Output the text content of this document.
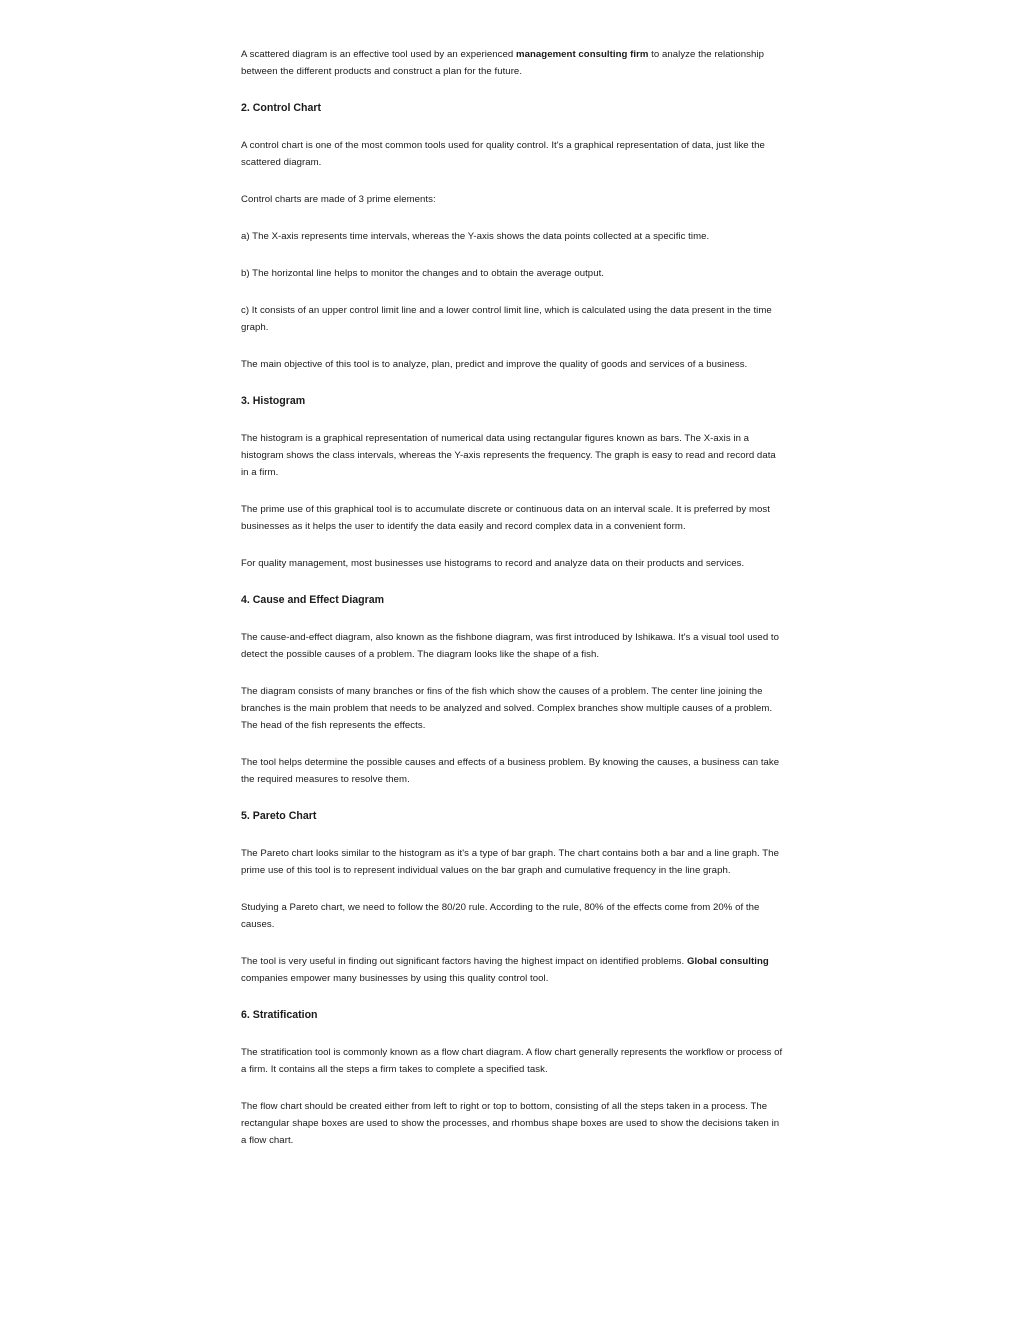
A scattered diagram is an effective tool used by an experienced management consulting firm to analyze the relationship between the different products and construct a plan for the future.

2. Control Chart

A control chart is one of the most common tools used for quality control. It's a graphical representation of data, just like the scattered diagram.

Control charts are made of 3 prime elements:

a) The X-axis represents time intervals, whereas the Y-axis shows the data points collected at a specific time.

b) The horizontal line helps to monitor the changes and to obtain the average output.

c) It consists of an upper control limit line and a lower control limit line, which is calculated using the data present in the time graph.

The main objective of this tool is to analyze, plan, predict and improve the quality of goods and services of a business.

3. Histogram

The histogram is a graphical representation of numerical data using rectangular figures known as bars. The X-axis in a histogram shows the class intervals, whereas the Y-axis represents the frequency. The graph is easy to read and record data in a firm.

The prime use of this graphical tool is to accumulate discrete or continuous data on an interval scale. It is preferred by most businesses as it helps the user to identify the data easily and record complex data in a convenient form.

For quality management, most businesses use histograms to record and analyze data on their products and services.

4. Cause and Effect Diagram

The cause-and-effect diagram, also known as the fishbone diagram, was first introduced by Ishikawa. It's a visual tool used to detect the possible causes of a problem. The diagram looks like the shape of a fish.

The diagram consists of many branches or fins of the fish which show the causes of a problem. The center line joining the branches is the main problem that needs to be analyzed and solved. Complex branches show multiple causes of a problem. The head of the fish represents the effects.

The tool helps determine the possible causes and effects of a business problem. By knowing the causes, a business can take the required measures to resolve them.

5. Pareto Chart

The Pareto chart looks similar to the histogram as it's a type of bar graph. The chart contains both a bar and a line graph. The prime use of this tool is to represent individual values on the bar graph and cumulative frequency in the line graph.

Studying a Pareto chart, we need to follow the 80/20 rule. According to the rule, 80% of the effects come from 20% of the causes.

The tool is very useful in finding out significant factors having the highest impact on identified problems. Global consulting companies empower many businesses by using this quality control tool.

6. Stratification

The stratification tool is commonly known as a flow chart diagram. A flow chart generally represents the workflow or process of a firm. It contains all the steps a firm takes to complete a specified task.

The flow chart should be created either from left to right or top to bottom, consisting of all the steps taken in a process. The rectangular shape boxes are used to show the processes, and rhombus shape boxes are used to show the decisions taken in a flow chart.
